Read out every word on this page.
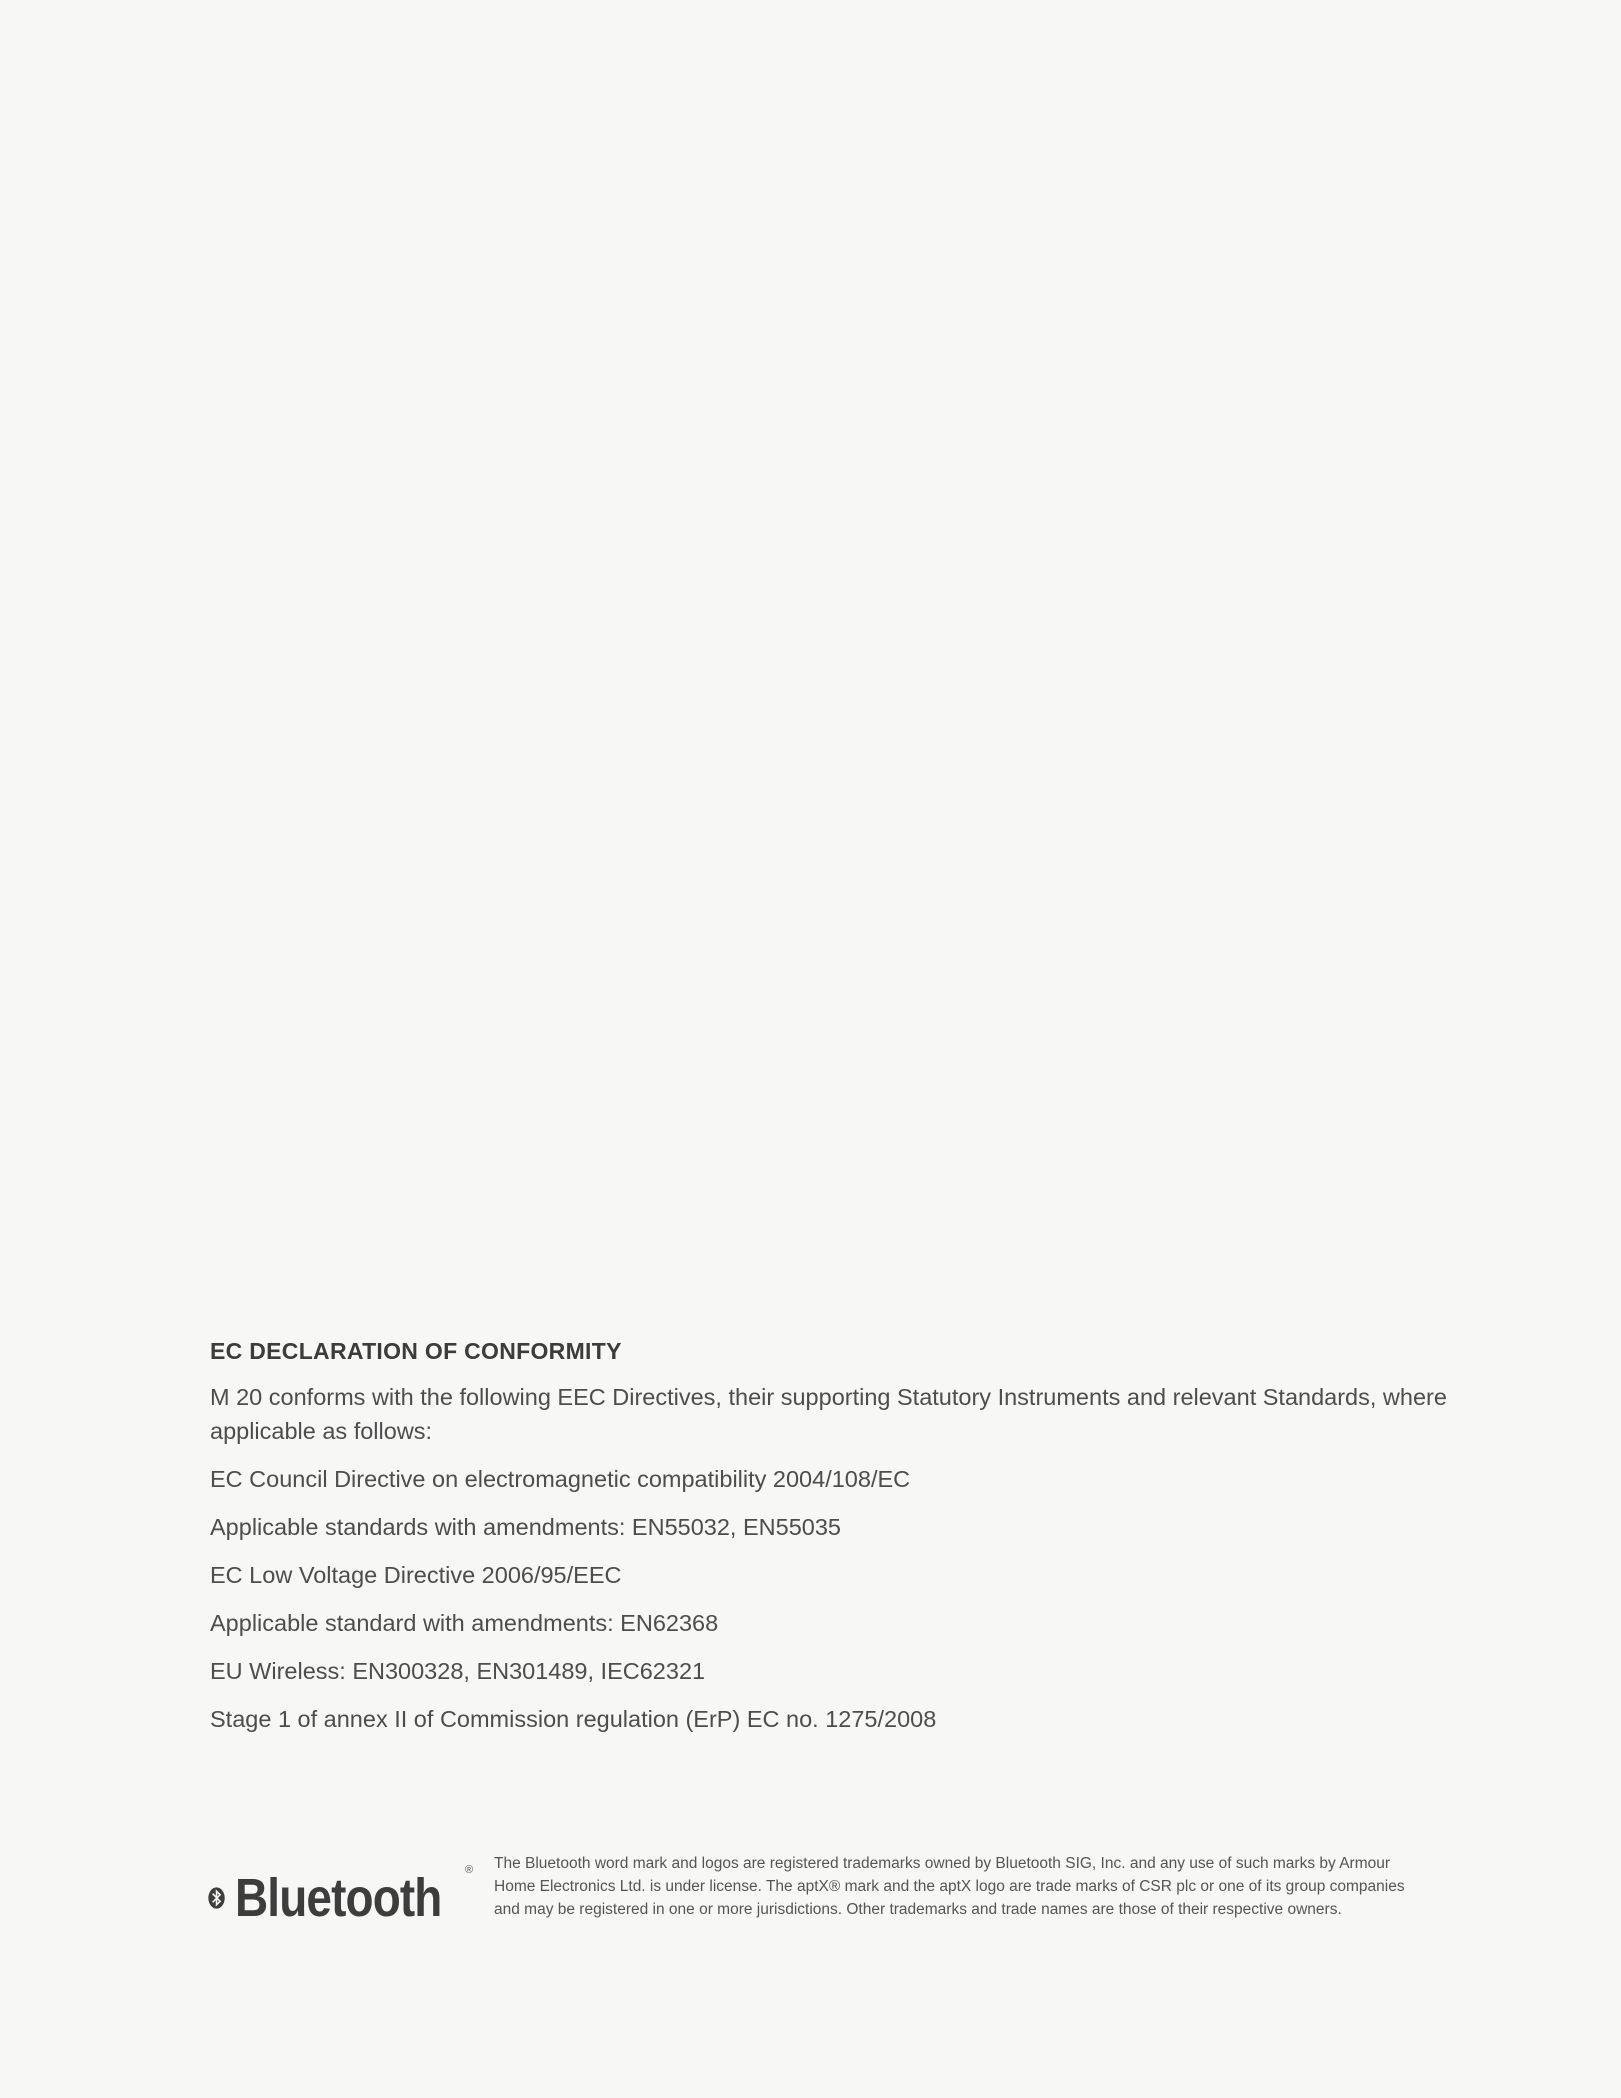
EC DECLARATION OF CONFORMITY
M 20 conforms with the following EEC Directives, their supporting Statutory Instruments and relevant Standards, where applicable as follows:
EC Council Directive on electromagnetic compatibility 2004/108/EC
Applicable standards with amendments: EN55032, EN55035
EC Low Voltage Directive 2006/95/EEC
Applicable standard with amendments: EN62368
EU Wireless: EN300328, EN301489, IEC62321
Stage 1 of annex II of Commission regulation (ErP) EC no. 1275/2008
Bluetooth ® The Bluetooth word mark and logos are registered trademarks owned by Bluetooth SIG, Inc. and any use of such marks by Armour Home Electronics Ltd. is under license. The aptX® mark and the aptX logo are trade marks of CSR plc or one of its group companies and may be registered in one or more jurisdictions. Other trademarks and trade names are those of their respective owners.
